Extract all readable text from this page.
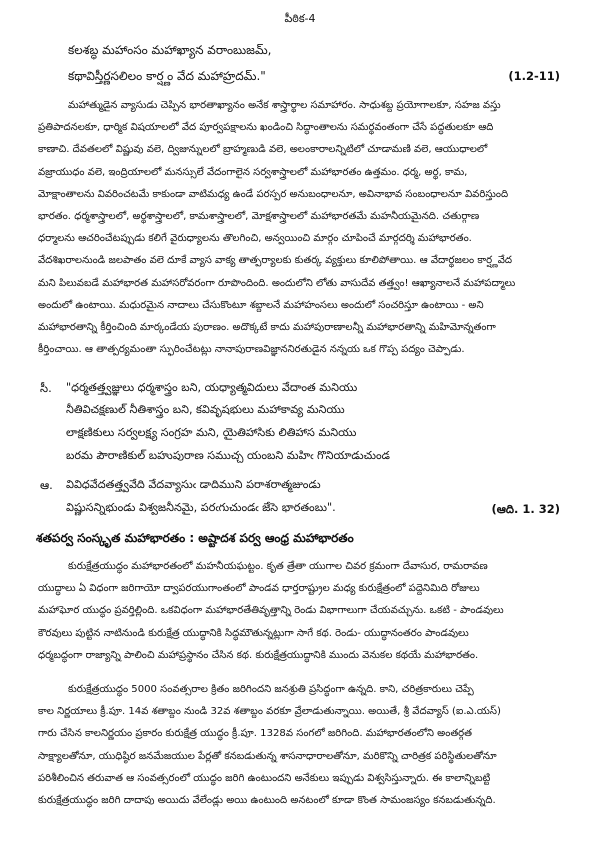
పీఠిక-4
కలశబ్ధ మహాంసం మహాఖ్యాన వరాంబుజమ్,
కథావిస్తీర్ణసలిలం కార్ష్ణం వేద మహాహ్రదమ్."	(1.2-11)
మహాత్ముడైన వ్యాసుడు చెప్పిన భారతాఖ్యానం అనేక శాస్త్రార్థాల సమాహారం. సాధుశబ్ద ప్రయోగాలకూ, సహజ వస్తు
ప్రతిపాదనలకూ, ధార్మిక విషయాలలో వేద పూర్వపక్షాలను ఖండించి సిద్ధాంతాలను సమర్థవంతంగా చేసే పద్ధతులకూ ఆది
కాణాచి. దేవతలలో విష్ణువు వలె, ద్విజున్నులలో బ్రాహ్మణుడి వలె, అలంకారాలన్నిటిలో చూడామణి వలె, ఆయుధాలలో
వజ్రాయుధం వలె, ఇంద్రియాలలో మనస్సులే వేదంగాలైన సర్వశాస్త్రాలలో మహాభారతం ఉత్తమం. ధర్మ, అర్థ, కామ,
మోక్షాంతాలను వివరించటమే కాకుండా వాటిమధ్య ఉండే పరస్పర అనుబంధాలనూ, అవినాభావ సంబంధాలనూ వివరిస్తుంది
భారతం. ధర్మశాస్త్రాలలో, అర్థశాస్త్రాలలో, కామశాస్త్రాలలో, మోక్షశాస్త్రాలలో మహాభారతమే మహనీయమైనది. చతుర్గాణ
ధర్మాలను ఆచరించేటప్పుడు కలిగే వైరుధ్యాలను తొలగించి, అన్వయించి మార్గం చూపించే మార్గదర్శి మహాభారతం.
వేదశిఖరాలనుండి జలపాతం వలె దూకే వ్యాస వాక్య తాత్పర్యాలకు కుతర్క వ్యక్తులు కూలిపోతాయి. ఆ వేదార్థజలం కార్ష్ణవేద
మని పిలువబడే మహాభారత మహాసరోవరంగా రూపొందింది. అందులోని లోతు వాసుదేవ తత్త్వం! ఆఖ్యానాలనే మహాపద్మాలు
అందులో ఉంటాయి. మధురమైన నాదాలు చేసుకొంటూ శబ్దాలనే మహాహంసలు అందులో సంచరిస్తూ ఉంటాయి - అని
మహాభారతాన్ని కీర్తించింది మార్కండేయ పురాణం. అదొక్కటే కాదు మహాపురాణాలన్నీ మహాభారతాన్ని మహిమోన్నతంగా
కీర్తించాయి. ఆ తాత్పర్యమంతా స్ఫురించేటట్లు నానాపురాణవిజ్ఞాననిరతుడైన నన్నయ ఒక గొప్ప పద్యం చెప్పాడు.
సీ. "ధర్మతత్త్వజ్ఞులు ధర్మశాస్త్రం బని, యధ్యాత్మవిదులు వేదాంత మనియు
నీతివిచక్షణుల్ నీతిశాస్త్రం బని, కవివృషభులు మహాకావ్య మనియు
లాక్షణికులు సర్వలక్ష్య సంగ్రహ మని, యైతిహాసికు లితిహాస మనియు
బరమ పౌరాణికుల్ బహుపురాణ సముచ్చ యంబని మహిఁ గొనియాడుచుండ
ఆ. వివిధవేదతత్త్వవేది వేదవ్యాసుఁ డాదిముని పరాశరాత్మజుండు
విష్ణుసన్నిభుండు విశ్వజనీనమై, పరఁగుచుండఁ జేసె భారతంబు".	(ఆది. 1. 32)
శతపర్వ సంస్కృత మహాభారతం : అష్టాదశ పర్వ ఆంధ్ర మహాభారతం
కురుక్షేత్రయుద్ధం మహాభారతంలో మహనీయఘట్టం. కృత త్రేతా యుగాల చివర క్రమంగా దేవాసుర, రామరావణ
యుద్ధాలు ఏ విధంగా జరిగాయో ద్వాపరయుగాంతంలో పాండవ ధార్తరాష్ట్రుల మధ్య కురుక్షేత్రంలో పద్దెనిమిది రోజులు
మహాఘోర యుద్ధం ప్రవర్తిల్లింది. ఒకవిధంగా మహాభారతేతివృత్తాన్ని రెండు విభాగాలుగా చేయవచ్చును. ఒకటి - పాండవులు
కౌరవులు పుట్టిన నాటినుండి కురుక్షేత్ర యుద్ధానికి సిద్ధమౌతున్నట్లుగా సాగే కథ. రెండు- యుద్ధానంతరం పాండవులు
ధర్మబద్ధంగా రాజ్యాన్ని పాలించి మహాప్రస్థానం చేసిన కథ. కురుక్షేత్రయుద్ధానికి ముందు వెనుకల కథయే మహాభారతం.
కురుక్షేత్రయుద్ధం 5000 సంవత్సరాల క్రితం జరిగిందని జనశ్రుతి ప్రసిద్ధంగా ఉన్నది. కాని, చరిత్రకారులు చెప్పే
కాల నిర్ణయాలు క్రీ.పూ. 14వ శతాబ్దం నుండి 32వ శతాబ్దం వరకూ వ్రేలాడుతున్నాయి. అయితే, శ్రీ వేదవ్యాస్ (ఐ.ఎ.యస్)
గారు చేసిన కాలనిర్ణయం ప్రకారం కురుక్షేత్ర యుద్ధం క్రీ.పూ. 1328వ సంగలో జరిగింది. మహాభారతంలోని అంతర్గత
సాక్ష్యాలతోనూ, యుధిష్ఠిర జనమేజయుల పేర్లతో కనబడుతున్న శాసనాధారాలతోనూ, మరికొన్ని చారిత్రక పరిస్థితులతోనూ
పరిశీలించిన తరువాత ఆ సంవత్సరంలో యుద్ధం జరిగి ఉంటుందని అనేకులు ఇప్పుడు విశ్వసిస్తున్నారు. ఈ కాలాన్నిబట్టి
కురుక్షేత్రయుద్ధం జరిగి దాదాపు అయిదు వేలేండ్లు అయి ఉంటుంది అనటంలో కూడా కొంత సామంజస్యం కనబడుతున్నది.
